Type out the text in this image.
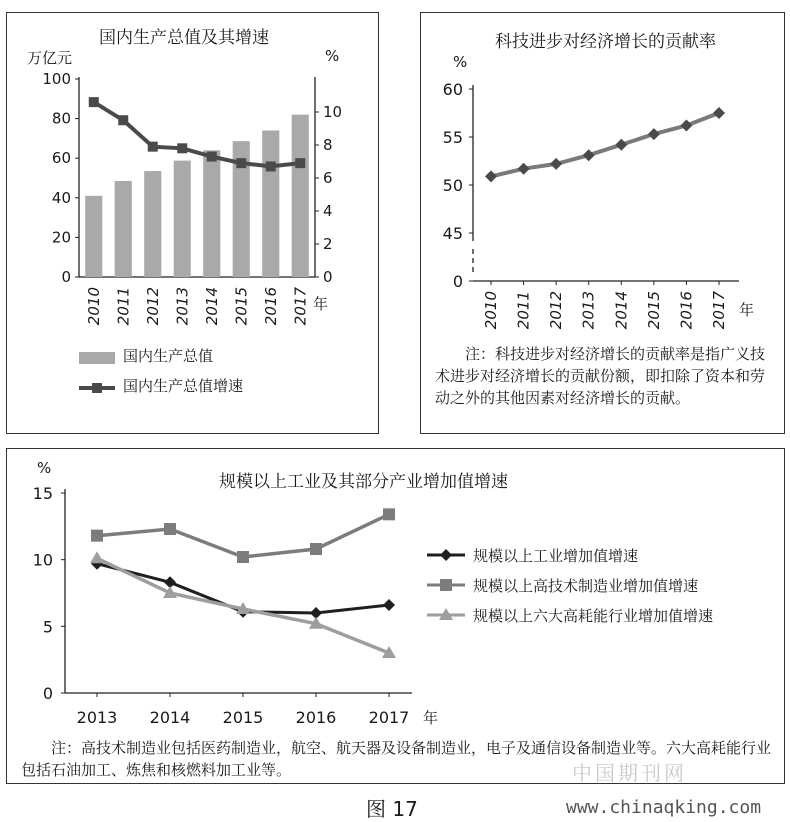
国内生产总值及其增速
0
20
40
60
80
100
0
2
4
6
8
10
2010 2011 2012 2013 2014 2015 2016 2017
万亿元	%
年
国内生产总值
国内生产总值增速
科技进步对经济增长的贡献率
0
45
50
55
60
2010 2011 2012 2013 2014 2015 2016 2017
%
年
注：科技进步对经济增长的贡献率是指广义技术进步对经济增长的贡献份额，即扣除了资本和劳动之外的其他因素对经济增长的贡献。
规模以上工业及其部分产业增加值增速
%
0
5
10
15
2013 2014 2015 2016 2017 年
规模以上工业增加值增速
规模以上高技术制造业增加值增速
规模以上六大高耗能行业增加值增速
注：高技术制造业包括医药制造业，航空、航天器及设备制造业，电子及通信设备制造业等。六大高耗能行业包括石油加工、炼焦和核燃料加工业等。
图 17
中国期刊网
www.chinaqking.com
